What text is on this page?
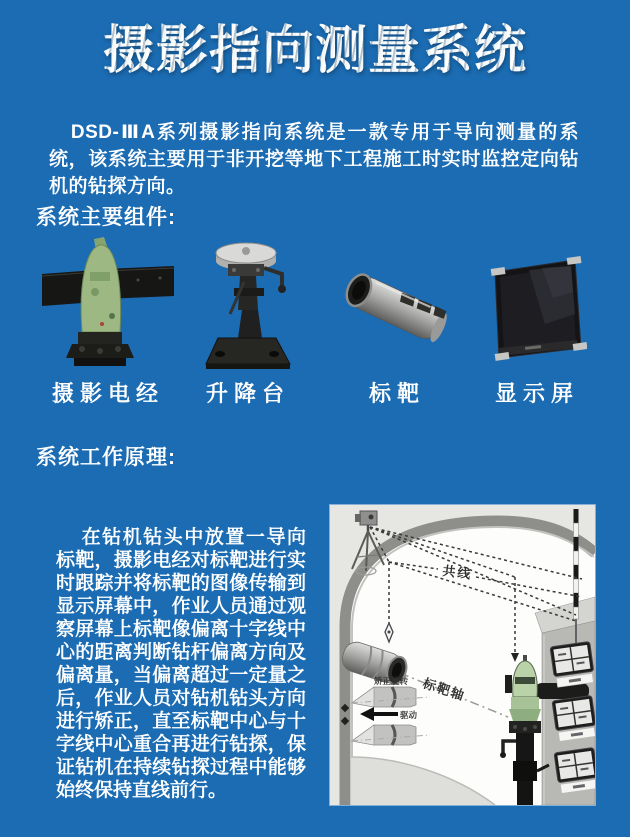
摄影指向测量系统
DSD-ⅢA系列摄影指向系统是一款专用于导向测量的系统，该系统主要用于非开挖等地下工程施工时实时监控定向钻机的钻探方向。
系统主要组件:
摄影电经	升降台	标靶	显示屏
系统工作原理:
在钻机钻头中放置一导向标靶，摄影电经对标靶进行实时跟踪并将标靶的图像传输到显示屏幕中，作业人员通过观察屏幕上标靶像偏离十字线中心的距离判断钻杆偏离方向及偏离量，当偏离超过一定量之后，作业人员对钻机钻头方向进行矫正，直至标靶中心与十字线中心重合再进行钻探，保证钻机在持续钻探过程中能够始终保持直线前行。
共线
标靶轴
矫正旋转
驱动
